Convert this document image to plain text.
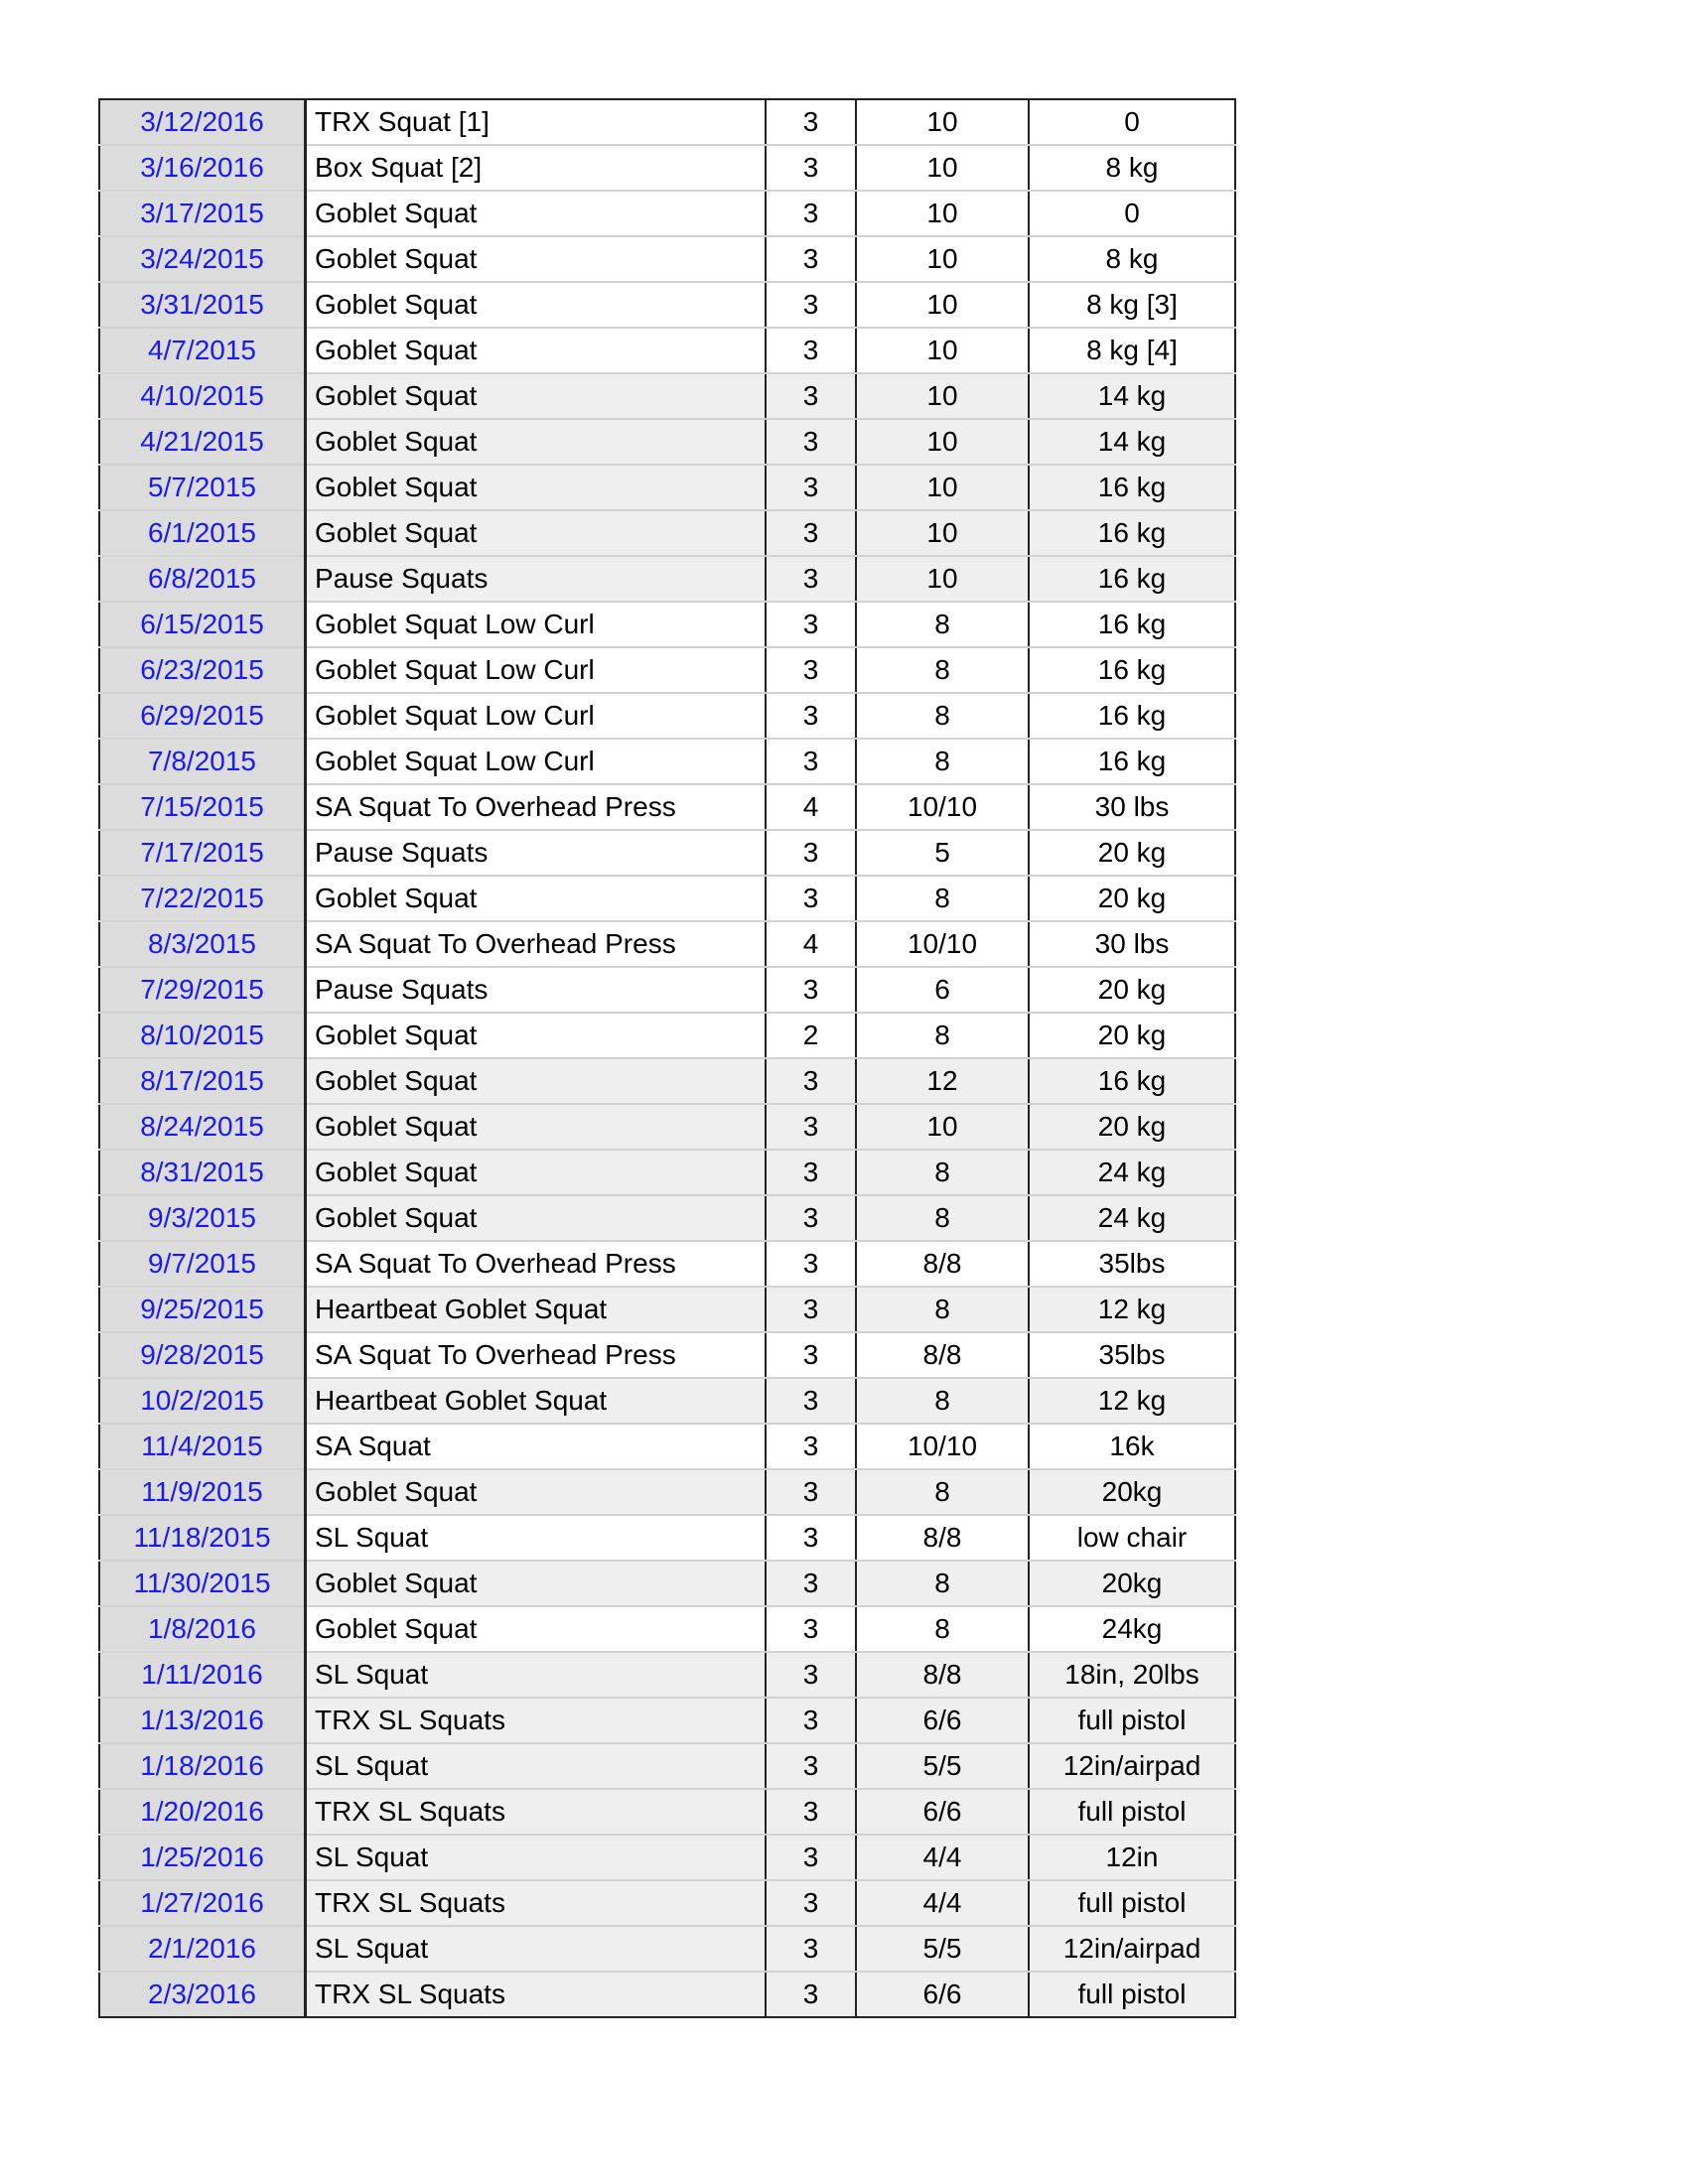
3/12/2016	TRX Squat [1]	3	10	0
3/16/2016	Box Squat [2]	3	10	8 kg
3/17/2015	Goblet Squat	3	10	0
3/24/2015	Goblet Squat	3	10	8 kg
3/31/2015	Goblet Squat	3	10	8 kg [3]
4/7/2015	Goblet Squat	3	10	8 kg [4]
4/10/2015	Goblet Squat	3	10	14 kg
4/21/2015	Goblet Squat	3	10	14 kg
5/7/2015	Goblet Squat	3	10	16 kg
6/1/2015	Goblet Squat	3	10	16 kg
6/8/2015	Pause Squats	3	10	16 kg
6/15/2015	Goblet Squat Low Curl	3	8	16 kg
6/23/2015	Goblet Squat Low Curl	3	8	16 kg
6/29/2015	Goblet Squat Low Curl	3	8	16 kg
7/8/2015	Goblet Squat Low Curl	3	8	16 kg
7/15/2015	SA Squat To Overhead Press	4	10/10	30 lbs
7/17/2015	Pause Squats	3	5	20 kg
7/22/2015	Goblet Squat	3	8	20 kg
8/3/2015	SA Squat To Overhead Press	4	10/10	30 lbs
7/29/2015	Pause Squats	3	6	20 kg
8/10/2015	Goblet Squat	2	8	20 kg
8/17/2015	Goblet Squat	3	12	16 kg
8/24/2015	Goblet Squat	3	10	20 kg
8/31/2015	Goblet Squat	3	8	24 kg
9/3/2015	Goblet Squat	3	8	24 kg
9/7/2015	SA Squat To Overhead Press	3	8/8	35lbs
9/25/2015	Heartbeat Goblet Squat	3	8	12 kg
9/28/2015	SA Squat To Overhead Press	3	8/8	35lbs
10/2/2015	Heartbeat Goblet Squat	3	8	12 kg
11/4/2015	SA Squat	3	10/10	16k
11/9/2015	Goblet Squat	3	8	20kg
11/18/2015	SL Squat	3	8/8	low chair
11/30/2015	Goblet Squat	3	8	20kg
1/8/2016	Goblet Squat	3	8	24kg
1/11/2016	SL Squat	3	8/8	18in, 20lbs
1/13/2016	TRX SL Squats	3	6/6	full pistol
1/18/2016	SL Squat	3	5/5	12in/airpad
1/20/2016	TRX SL Squats	3	6/6	full pistol
1/25/2016	SL Squat	3	4/4	12in
1/27/2016	TRX SL Squats	3	4/4	full pistol
2/1/2016	SL Squat	3	5/5	12in/airpad
2/3/2016	TRX SL Squats	3	6/6	full pistol
